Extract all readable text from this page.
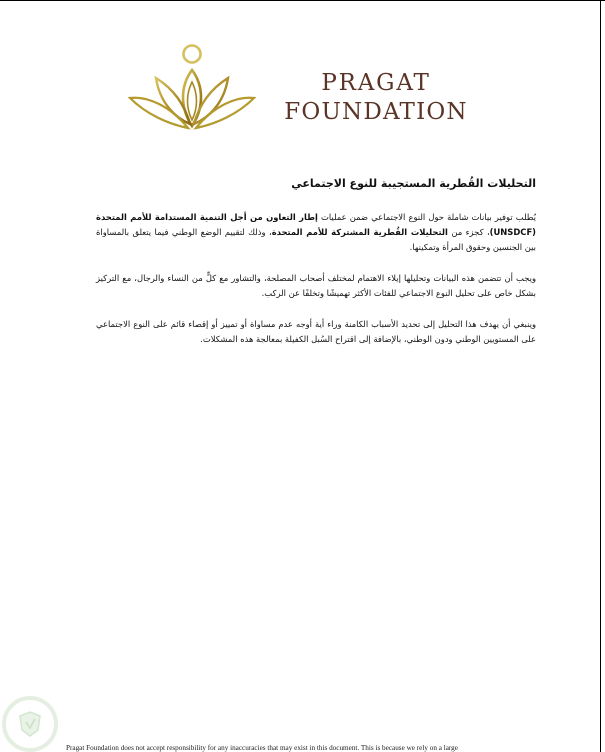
PRAGAT
FOUNDATION
التحليلات القُطرية المستجيبة للنوع الاجتماعي

يُطلب توفير بيانات شاملة حول النوع الاجتماعي ضمن عمليات إطار التعاون من أجل التنمية المستدامة للأمم المتحدة (UNSDCF)، كجزء من التحليلات القُطرية المشتركة للأمم المتحدة، وذلك لتقييم الوضع الوطني فيما يتعلق بالمساواة بين الجنسين وحقوق المرأة وتمكينها.

ويجب أن تتضمن هذه البيانات وتحليلها إيلاء الاهتمام لمختلف أصحاب المصلحة، والتشاور مع كلٍّ من النساء والرجال، مع التركيز بشكل خاص على تحليل النوع الاجتماعي للفئات الأكثر تهميشًا وتخلفًا عن الركب.

وينبغي أن يهدف هذا التحليل إلى تحديد الأسباب الكامنة وراء أية أوجه عدم مساواة أو تمييز أو إقصاء قائم على النوع الاجتماعي على المستويين الوطني ودون الوطني، بالإضافة إلى اقتراح السُبل الكفيلة بمعالجة هذه المشكلات.

Pragat Foundation does not accept responsibility for any inaccuracies that may exist in this document. This is because we rely on a large
